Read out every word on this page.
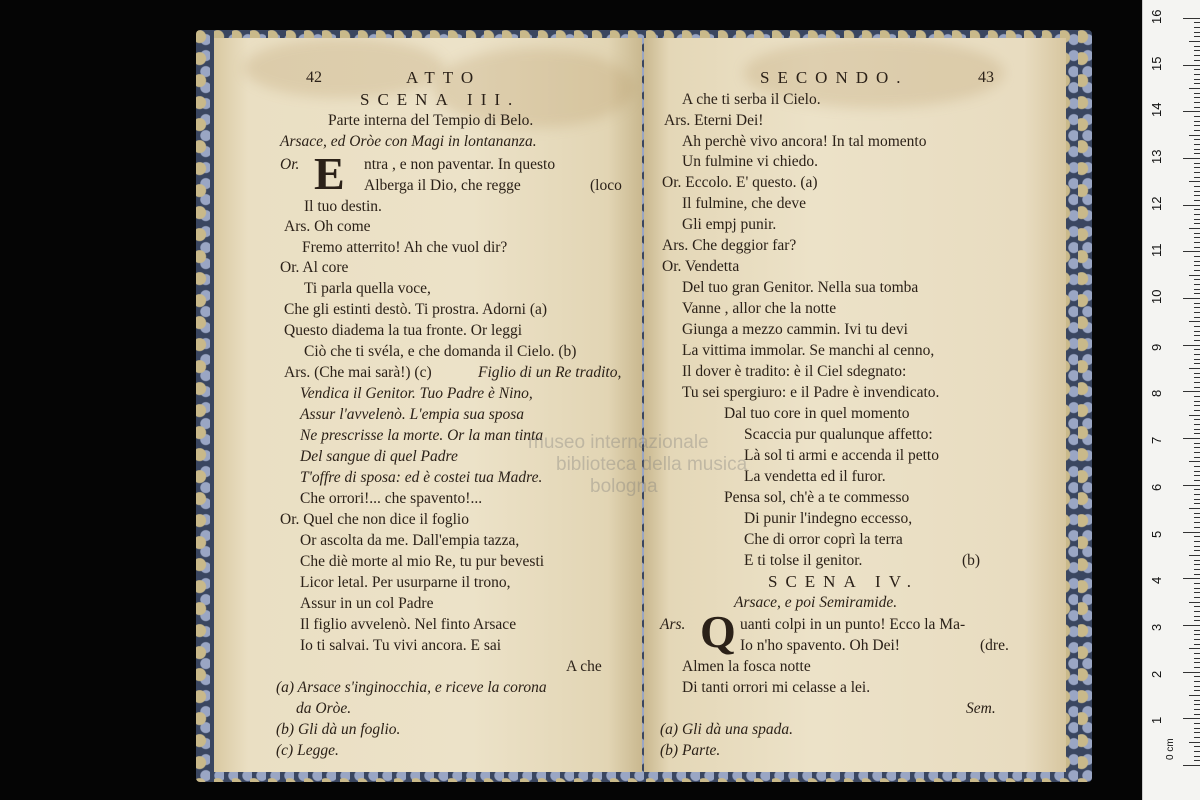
42	ATTO
SCENA III.
Parte interna del Tempio di Belo.
Arsace, ed Oròe con Magi in lontananza.
Or. E ntra , e non paventar. In questo
Alberga il Dio, che regge	(loco
Il tuo destin.
Ars. Oh come
Fremo atterrito! Ah che vuol dir?
Or. Al core
Ti parla quella voce,
Che gli estinti destò. Ti prostra. Adorni (a)
Questo diadema la tua fronte. Or leggi
Ciò che ti svéla, e che domanda il Cielo. (b)
Ars. (Che mai sarà!) (c)	Figlio di un Re tradito,
Vendica il Genitor. Tuo Padre è Nino,
Assur l'avvelenò. L'empia sua sposa
Ne prescrisse la morte. Or la man tinta
Del sangue di quel Padre
T'offre di sposa: ed è costei tua Madre.
Che orrori!... che spavento!...
Or. Quel che non dice il foglio
Or ascolta da me. Dall'empia tazza,
Che diè morte al mio Re, tu pur bevesti
Licor letal. Per usurparne il trono,
Assur in un col Padre
Il figlio avvelenò. Nel finto Arsace
Io ti salvai. Tu vivi ancora. E sai
A che
(a) Arsace s'inginocchia, e riceve la corona
da Oròe.
(b) Gli dà un foglio.
(c) Legge.
SECONDO.	43
A che ti serba il Cielo.
Ars. Eterni Dei!
Ah perchè vivo ancora! In tal momento
Un fulmine vi chiedo.
Or. Eccolo. E' questo. (a)
Il fulmine, che deve
Gli empj punir.
Ars. Che deggior far?
Or. Vendetta
Del tuo gran Genitor. Nella sua tomba
Vanne , allor che la notte
Giunga a mezzo cammin. Ivi tu devi
La vittima immolar. Se manchi al cenno,
Il dover è tradito: è il Ciel sdegnato:
Tu sei spergiuro: e il Padre è invendicato.
Dal tuo core in quel momento
Scaccia pur qualunque affetto:
Là sol ti armi e accenda il petto
La vendetta ed il furor.
Pensa sol, ch'è a te commesso
Di punir l'indegno eccesso,
Che di orror coprì la terra
E ti tolse il genitor.	(b)
SCENA IV.
Arsace, e poi Semiramide.
Ars. Q uanti colpi in un punto! Ecco la Ma-
Io n'ho spavento. Oh Dei!	(dre.
Almen la fosca notte
Di tanti orrori mi celasse a lei.
Sem.
(a) Gli dà una spada.
(b) Parte.
museo internazionale
biblioteca della musica
bologna
0 cm
1
2
3
4
5
6
7
8
9
10
11
12
13
14
15
16
